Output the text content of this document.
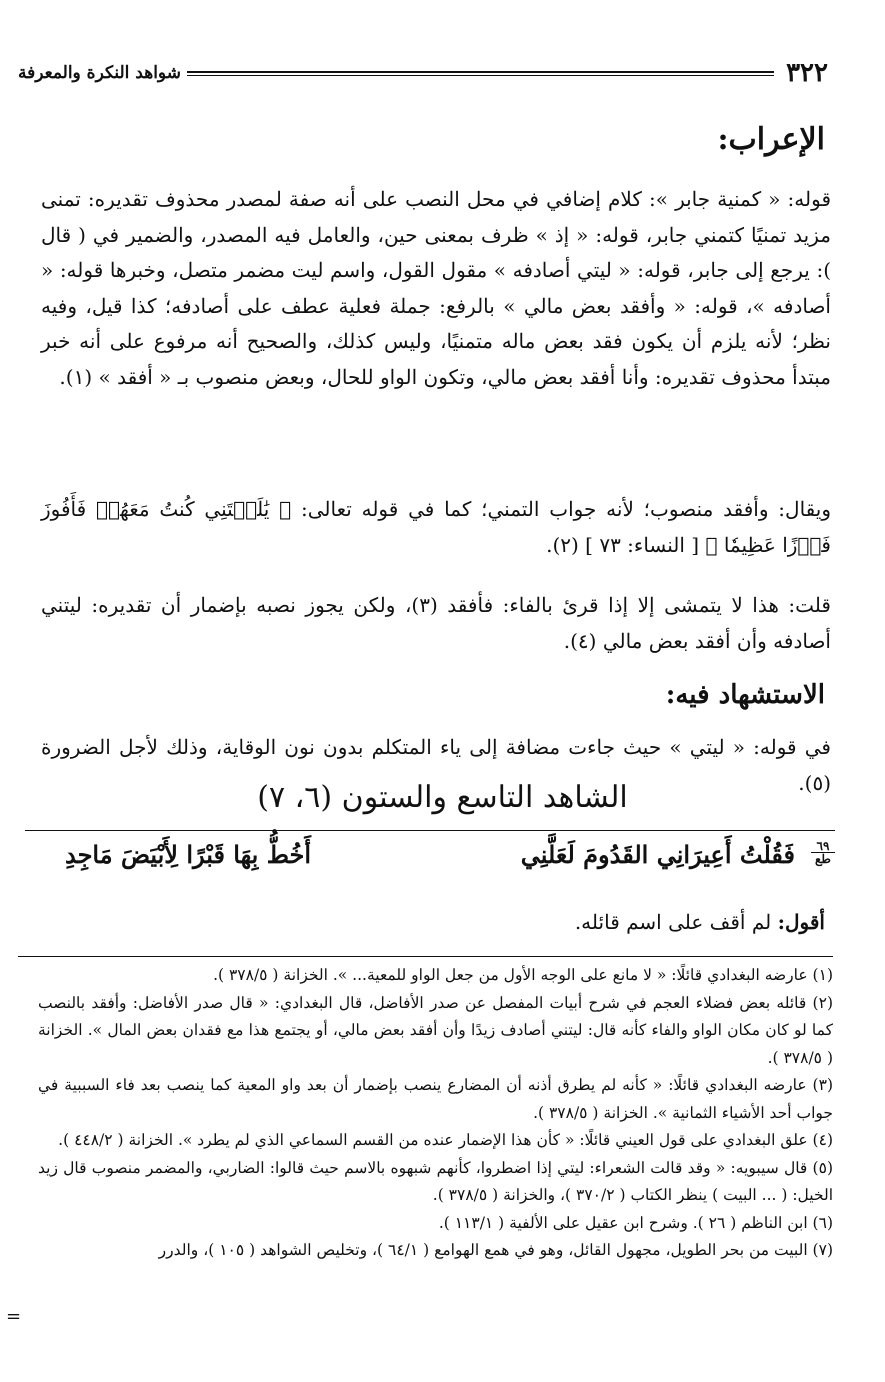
٣٢٢
شواهد النكرة والمعرفة
الإعراب:
قوله: « كمنية جابر »: كلام إضافي في محل النصب على أنه صفة لمصدر محذوف تقديره: تمنى مزيد تمنيًا كتمني جابر، قوله: « إذ » ظرف بمعنى حين، والعامل فيه المصدر، والضمير في ( قال ): يرجع إلى جابر، قوله: « ليتي أصادفه » مقول القول، واسم ليت مضمر متصل، وخبرها قوله: « أصادفه »، قوله: « وأفقد بعض مالي » بالرفع: جملة فعلية عطف على أصادفه؛ كذا قيل، وفيه نظر؛ لأنه يلزم أن يكون فقد بعض ماله متمنيًا، وليس كذلك، والصحيح أنه مرفوع على أنه خبر مبتدأ محذوف تقديره: وأنا أفقد بعض مالي، وتكون الواو للحال، وبعض منصوب بـ « أفقد » (١).
ويقال: وأفقد منصوب؛ لأنه جواب التمني؛ كما في قوله تعالى: ﴿ يَٰلَيۡتَنِي كُنتُ مَعَهُمۡ فَأَفُوزَ فَوۡزًا عَظِيمٗا ﴾ [ النساء: ٧٣ ] (٢).
قلت: هذا لا يتمشى إلا إذا قرئ بالفاء: فأفقد (٣)، ولكن يجوز نصبه بإضمار أن تقديره: ليتني أصادفه وأن أفقد بعض مالي (٤).
الاستشهاد فيه:
في قوله: « ليتي » حيث جاءت مضافة إلى ياء المتكلم بدون نون الوقاية، وذلك لأجل الضرورة (٥).
الشاهد التاسع والستون (٦، ٧)
٦٩
طع
فَقُلْتُ أَعِيرَانِي القَدُومَ لَعَلَّنِي
أَخُطُّ بِهَا قَبْرًا لِأَبْيَضَ مَاجِدِ
أقول: لم أقف على اسم قائله.

(١) عارضه البغدادي قائلًا: « لا مانع على الوجه الأول من جعل الواو للمعية... ». الخزانة ( ٣٧٨/٥ ).

(٢) قائله بعض فضلاء العجم في شرح أبيات المفصل عن صدر الأفاضل، قال البغدادي: « قال صدر الأفاضل: وأفقد بالنصب كما لو كان مكان الواو والفاء كأنه قال: ليتني أصادف زيدًا وأن أفقد بعض مالي، أو يجتمع هذا مع فقدان بعض المال ». الخزانة ( ٣٧٨/٥ ).

(٣) عارضه البغدادي قائلًا: « كأنه لم يطرق أذنه أن المضارع ينصب بإضمار أن بعد واو المعية كما ينصب بعد فاء السببية في جواب أحد الأشياء الثمانية ». الخزانة ( ٣٧٨/٥ ).

(٤) علق البغدادي على قول العيني قائلًا: « كأن هذا الإضمار عنده من القسم السماعي الذي لم يطرد ». الخزانة ( ٤٤٨/٢ ).

(٥) قال سيبويه: « وقد قالت الشعراء: ليتي إذا اضطروا، كأنهم شبهوه بالاسم حيث قالوا: الضاربي، والمضمر منصوب قال زيد الخيل: ( ... البيت ) ينظر الكتاب ( ٣٧٠/٢ )، والخزانة ( ٣٧٨/٥ ).

(٦) ابن الناظم ( ٢٦ ). وشرح ابن عقيل على الألفية ( ١١٣/١ ).

(٧) البيت من بحر الطويل، مجهول القائل، وهو في همع الهوامع ( ٦٤/١ )، وتخليص الشواهد ( ١٠٥ )، والدرر

=
